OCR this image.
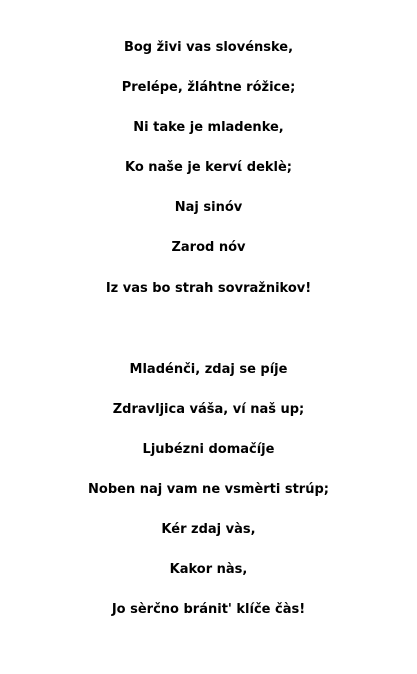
Bog živi vas slovénske,
Prelépe, žláhtne rόžice;
Ni take je mladenke,
Ko naše je kervί deklè;
Naj sinóv
Zarod nóv
Iz vas bo strah sovražnikov!
Mladénči, zdaj se píje
Zdravljica váša, ví naš up;
Ljubézni domačíje
Noben naj vam ne vsmèrti strúp;
Kér zdaj vàs,
Kakor nàs,
Jo sèrčno bránit' klíče čàs!
